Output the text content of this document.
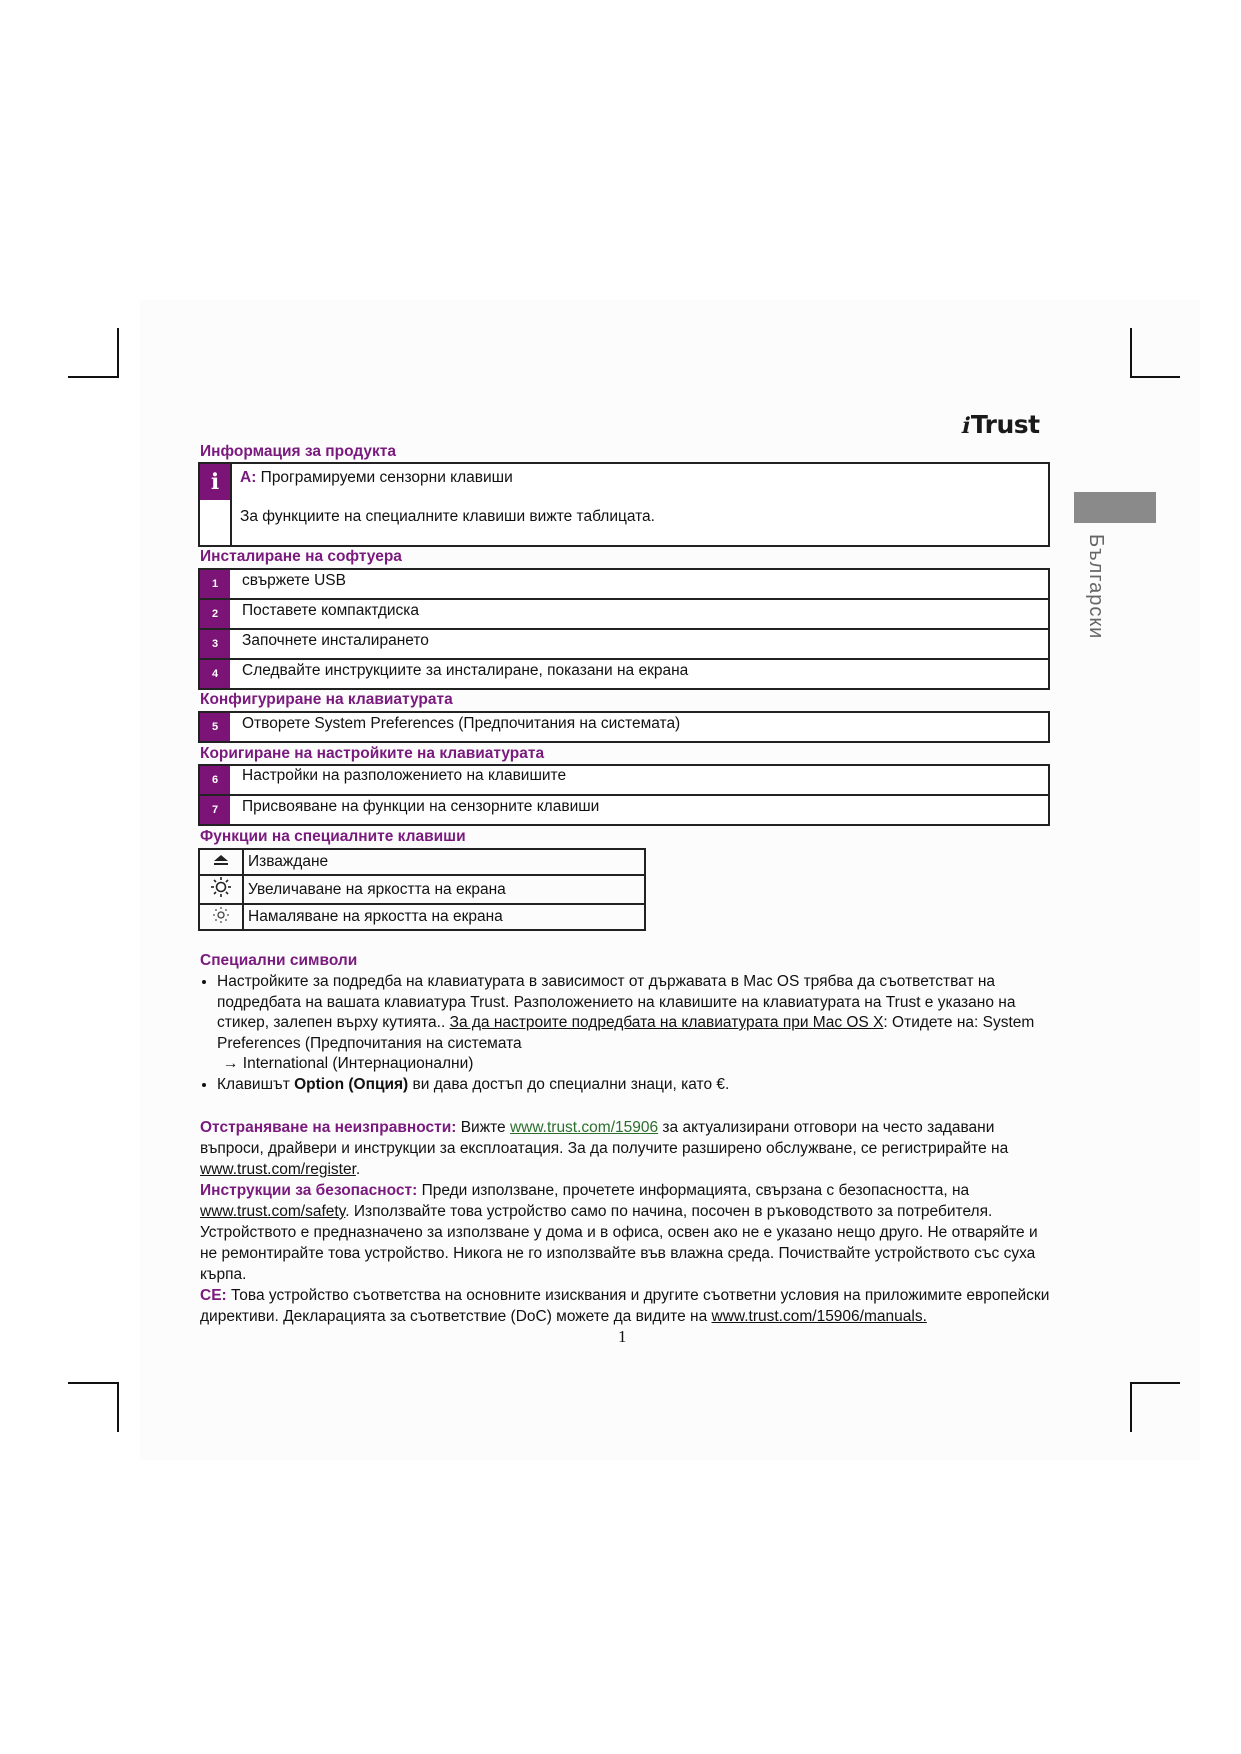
ℹTrust
Български
Информация за продукта
ℹ	A: Програмируеми сензорни клавиши
За функциите на специалните клавиши вижте таблицата.
Инсталиране на софтуера
1	свържете USB
2	Поставете компактдиска
3	Започнете инсталирането
4	Следвайте инструкциите за инсталиране, показани на екрана
Конфигуриране на клавиатурата
5	Отворете System Preferences (Предпочитания на системата)
Коригиране на настройките на клавиатурата
6	Настройки на разположението на клавишите
7	Присвояване на функции на сензорните клавиши
Функции на специалните клавиши
	Изваждане
	Увеличаване на яркостта на екрана
	Намаляване на яркостта на екрана
Специални символи
• Настройките за подредба на клавиатурата в зависимост от държавата в Mac OS трябва да съответстват на подредбата на вашата клавиатура Trust. Разположението на клавишите на клавиатурата на Trust е указано на стикер, залепен върху кутията.. За да настроите подредбата на клавиатурата при Mac OS X: Отидете на: System Preferences (Предпочитания на системата
→ International (Интернационални)
• Клавишът Option (Опция) ви дава достъп до специални знаци, като €.
Отстраняване на неизправности: Вижте www.trust.com/15906 за актуализирани отговори на често задавани въпроси, драйвери и инструкции за експлоатация. За да получите разширено обслужване, се регистрирайте на www.trust.com/register.
Инструкции за безопасност: Преди използване, прочетете информацията, свързана с безопасността, на www.trust.com/safety. Използвайте това устройство само по начина, посочен в ръководството за потребителя. Устройството е предназначено за използване у дома и в офиса, освен ако не е указано нещо друго. Не отваряйте и не ремонтирайте това устройство. Никога не го използвайте във влажна среда. Почиствайте устройството със суха кърпа.
CE: Това устройство съответства на основните изисквания и другите съответни условия на приложимите европейски директиви. Декларацията за съответствие (DoC) можете да видите на www.trust.com/15906/manuals.
1
